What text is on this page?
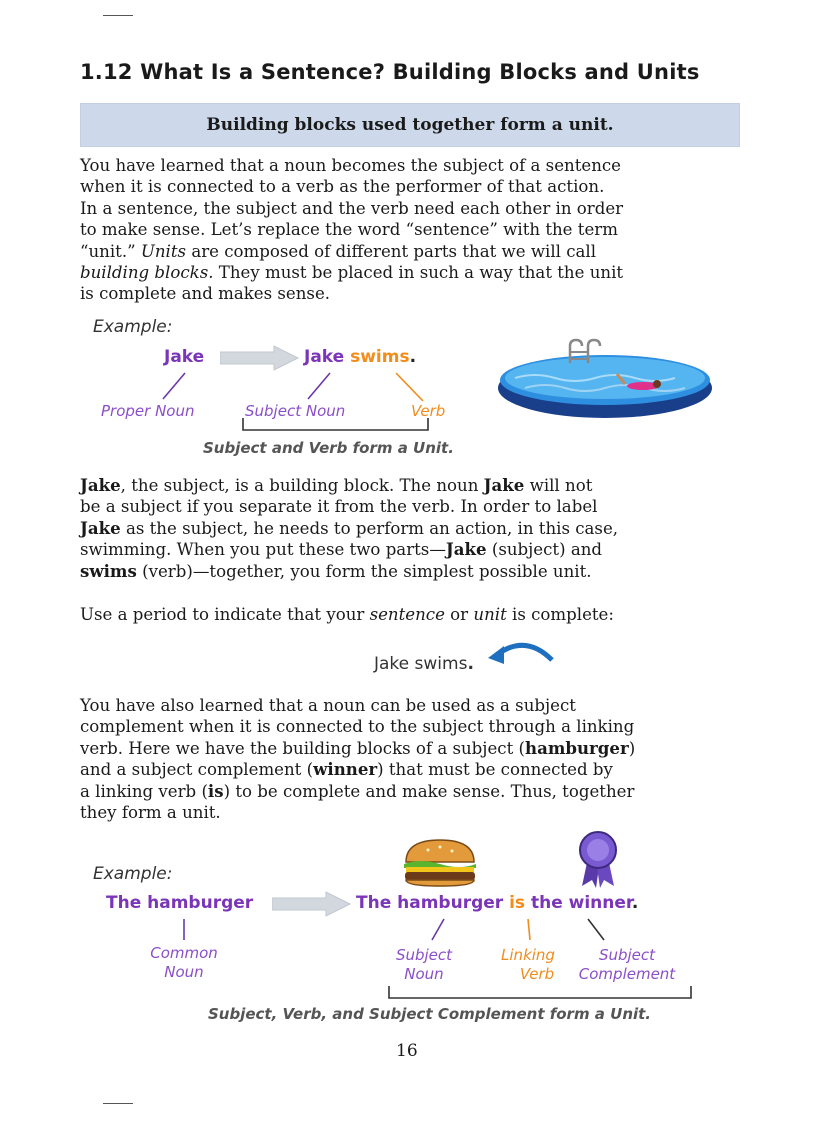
1.12 What Is a Sentence? Building Blocks and Units
Building blocks used together form a unit.

You have learned that a noun becomes the subject of a sentence

when it is connected to a verb as the performer of that action.

In a sentence, the subject and the verb need each other in order

to make sense. Let’s replace the word “sentence” with the term

“unit.” Units are composed of different parts that we will call

building blocks. They must be placed in such a way that the unit

is complete and makes sense.

Example:
Jake	Jake swims.
Proper Noun	Subject Noun	Verb
Subject and Verb form a Unit.

Jake, the subject, is a building block. The noun Jake will not

be a subject if you separate it from the verb. In order to label

Jake as the subject, he needs to perform an action, in this case,

swimming. When you put these two parts—Jake (subject) and

swims (verb)—together, you form the simplest possible unit.

Use a period to indicate that your sentence or unit is complete:

Jake swims.

You have also learned that a noun can be used as a subject

complement when it is connected to the subject through a linking

verb. Here we have the building blocks of a subject (hamburger)

and a subject complement (winner) that must be connected by

a linking verb (is) to be complete and make sense. Thus, together

they form a unit.

Example:
The hamburger	The hamburger is the winner.
Common
Noun
Subject
Noun
Linking
Verb
Subject
Complement
Subject, Verb, and Subject Complement form a Unit.
16
